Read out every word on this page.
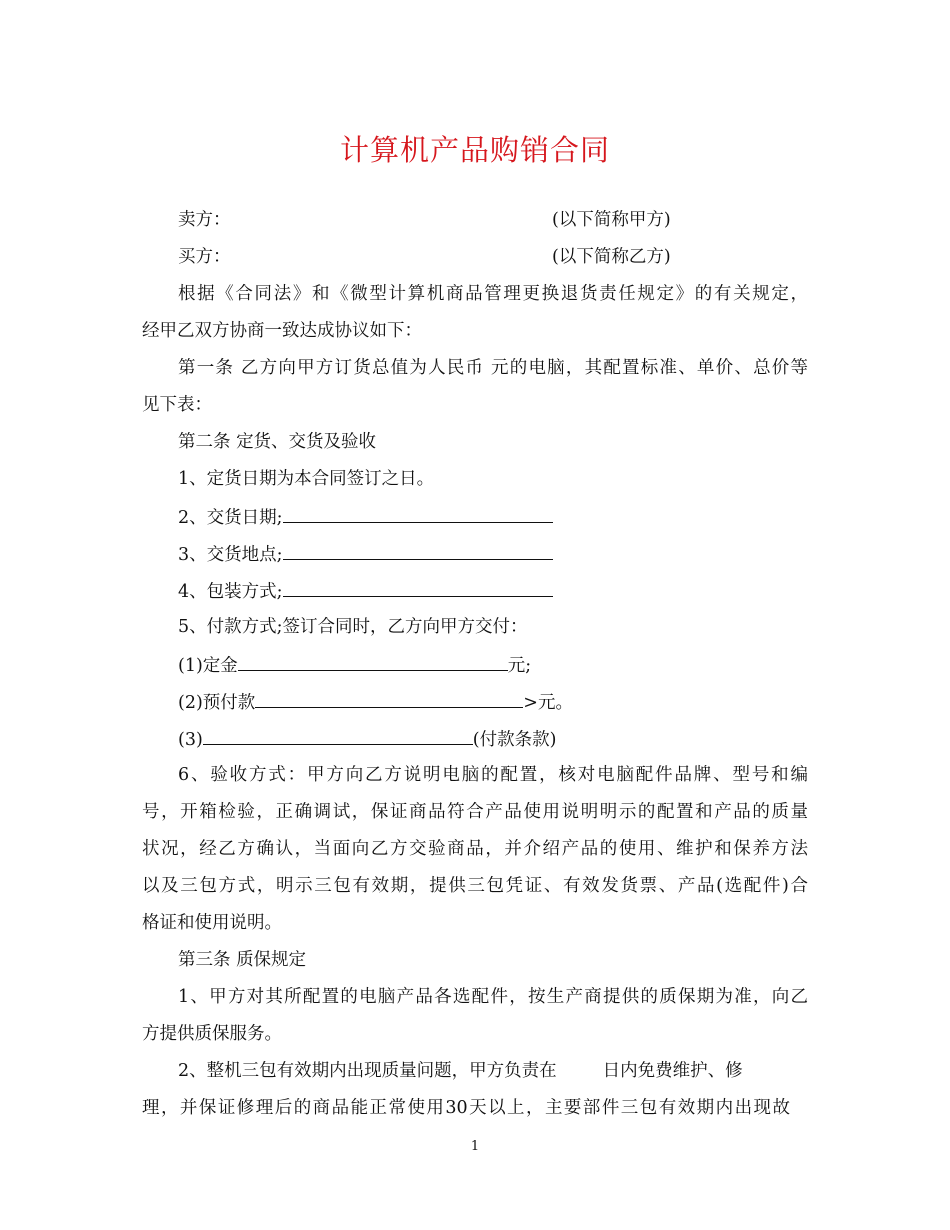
计算机产品购销合同
卖方：	(以下简称甲方)
买方：	(以下简称乙方)
根据《合同法》和《微型计算机商品管理更换退货责任规定》的有关规定，
经甲乙双方协商一致达成协议如下：
第一条 乙方向甲方订货总值为人民币 元的电脑，其配置标准、单价、总价等
见下表：
第二条 定货、交货及验收
1、定货日期为本合同签订之日。
2、交货日期;
3、交货地点;
4、包装方式;
5、付款方式;签订合同时，乙方向甲方交付：
(1)定金	元;
(2)预付款	>元。
(3)	(付款条款)
6、验收方式：甲方向乙方说明电脑的配置，核对电脑配件品牌、型号和编
号，开箱检验，正确调试，保证商品符合产品使用说明明示的配置和产品的质量
状况，经乙方确认，当面向乙方交验商品，并介绍产品的使用、维护和保养方法
以及三包方式，明示三包有效期，提供三包凭证、有效发货票、产品(选配件)合
格证和使用说明。
第三条 质保规定
1、甲方对其所配置的电脑产品各选配件，按生产商提供的质保期为准，向乙
方提供质保服务。
2、整机三包有效期内出现质量问题，甲方负责在	日内免费维护、修
理，并保证修理后的商品能正常使用30天以上，主要部件三包有效期内出现故
1
